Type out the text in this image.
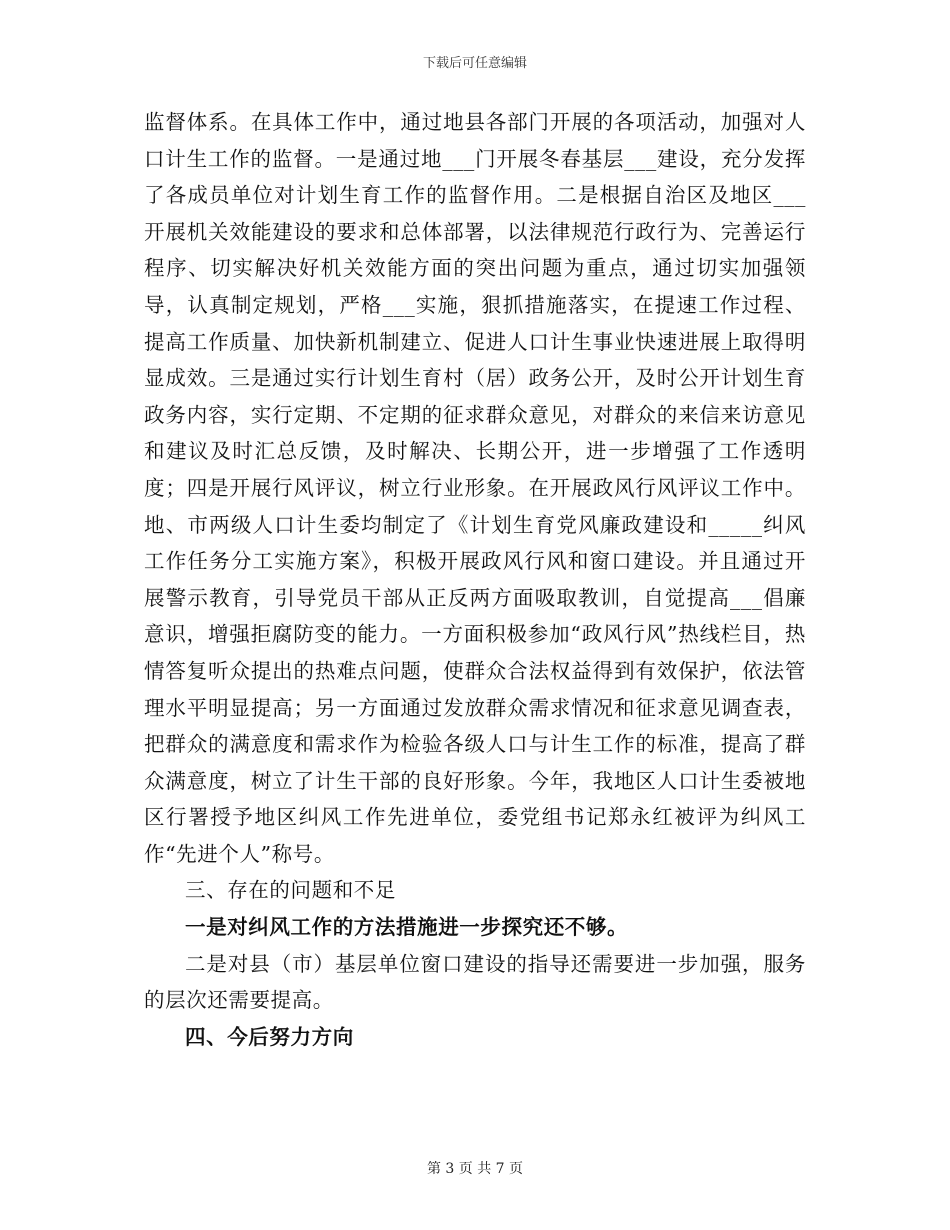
下载后可任意编辑

监督体系。在具体工作中，通过地县各部门开展的各项活动，加强对人口计生工作的监督。一是通过地___门开展冬春基层___建设，充分发挥了各成员单位对计划生育工作的监督作用。二是根据自治区及地区___开展机关效能建设的要求和总体部署，以法律规范行政行为、完善运行程序、切实解决好机关效能方面的突出问题为重点，通过切实加强领导，认真制定规划，严格___实施，狠抓措施落实，在提速工作过程、提高工作质量、加快新机制建立、促进人口计生事业快速进展上取得明显成效。三是通过实行计划生育村（居）政务公开，及时公开计划生育政务内容，实行定期、不定期的征求群众意见，对群众的来信来访意见和建议及时汇总反馈，及时解决、长期公开，进一步增强了工作透明度；四是开展行风评议，树立行业形象。在开展政风行风评议工作中。地、市两级人口计生委均制定了《计划生育党风廉政建设和_____纠风工作任务分工实施方案》，积极开展政风行风和窗口建设。并且通过开展警示教育，引导党员干部从正反两方面吸取教训，自觉提高___倡廉意识，增强拒腐防变的能力。一方面积极参加“政风行风”热线栏目，热情答复听众提出的热难点问题，使群众合法权益得到有效保护，依法管理水平明显提高；另一方面通过发放群众需求情况和征求意见调查表，把群众的满意度和需求作为检验各级人口与计生工作的标准，提高了群众满意度，树立了计生干部的良好形象。今年，我地区人口计生委被地区行署授予地区纠风工作先进单位，委党组书记郑永红被评为纠风工作“先进个人”称号。

三、存在的问题和不足

一是对纠风工作的方法措施进一步探究还不够。

二是对县（市）基层单位窗口建设的指导还需要进一步加强，服务的层次还需要提高。

四、今后努力方向

第 3 页 共 7 页
